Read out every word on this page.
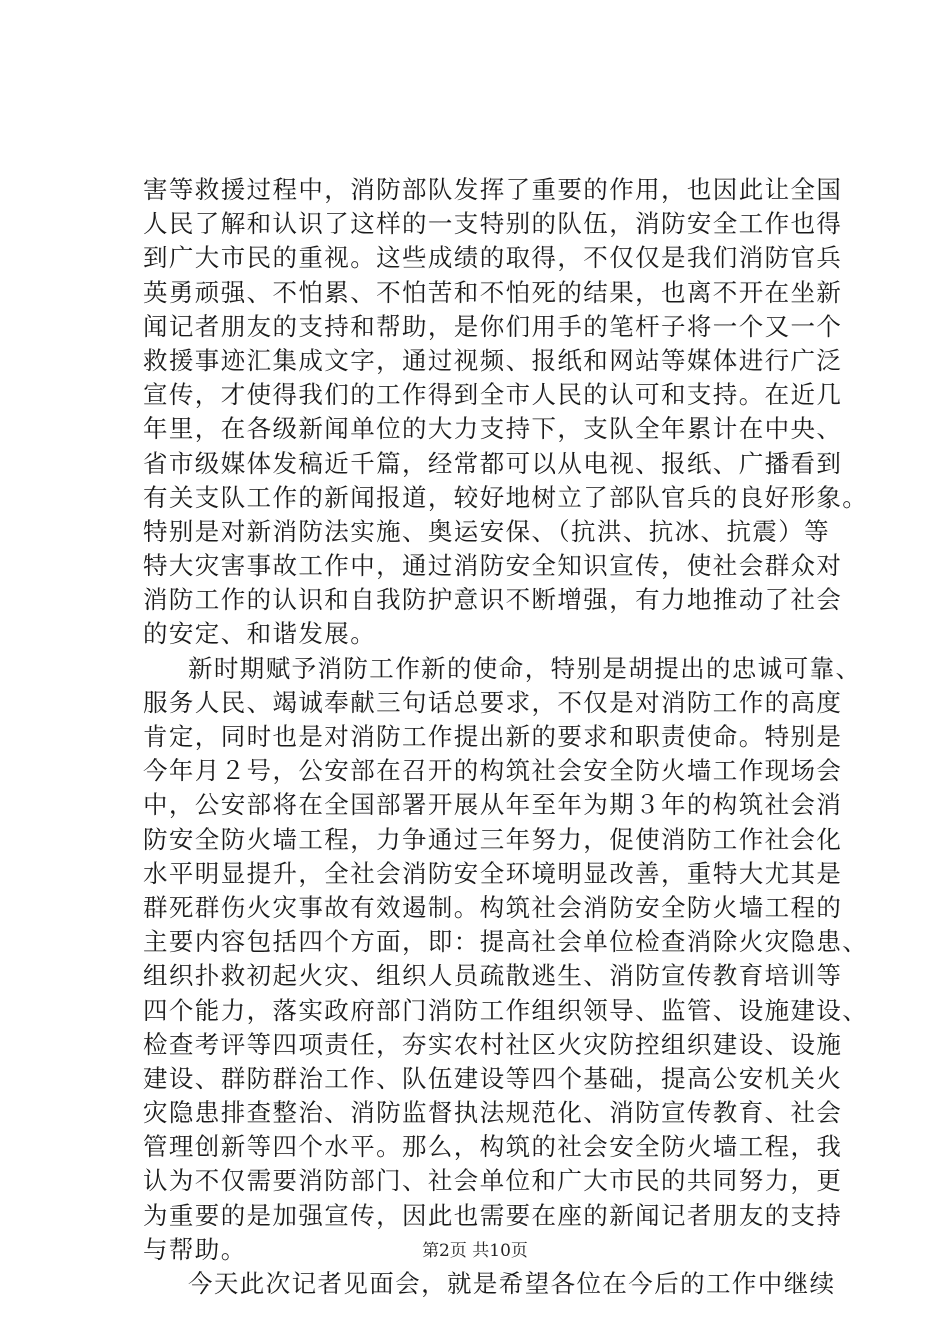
害等救援过程中，消防部队发挥了重要的作用，也因此让全国
人民了解和认识了这样的一支特别的队伍，消防安全工作也得
到广大市民的重视。这些成绩的取得，不仅仅是我们消防官兵
英勇顽强、不怕累、不怕苦和不怕死的结果，也离不开在坐新
闻记者朋友的支持和帮助，是你们用手的笔杆子将一个又一个
救援事迹汇集成文字，通过视频、报纸和网站等媒体进行广泛
宣传，才使得我们的工作得到全市人民的认可和支持。在近几
年里，在各级新闻单位的大力支持下，支队全年累计在中央、
省市级媒体发稿近千篇，经常都可以从电视、报纸、广播看到
有关支队工作的新闻报道，较好地树立了部队官兵的良好形象。
特别是对新消防法实施、奥运安保、（抗洪、抗冰、抗震）等
特大灾害事故工作中，通过消防安全知识宣传，使社会群众对
消防工作的认识和自我防护意识不断增强，有力地推动了社会
的安定、和谐发展。
新时期赋予消防工作新的使命，特别是胡提出的忠诚可靠、
服务人民、竭诚奉献三句话总要求，不仅是对消防工作的高度
肯定，同时也是对消防工作提出新的要求和职责使命。特别是
今年月２号，公安部在召开的构筑社会安全防火墙工作现场会
中，公安部将在全国部署开展从年至年为期３年的构筑社会消
防安全防火墙工程，力争通过三年努力，促使消防工作社会化
水平明显提升，全社会消防安全环境明显改善，重特大尤其是
群死群伤火灾事故有效遏制。构筑社会消防安全防火墙工程的
主要内容包括四个方面，即：提高社会单位检查消除火灾隐患、
组织扑救初起火灾、组织人员疏散逃生、消防宣传教育培训等
四个能力，落实政府部门消防工作组织领导、监管、设施建设、
检查考评等四项责任，夯实农村社区火灾防控组织建设、设施
建设、群防群治工作、队伍建设等四个基础，提高公安机关火
灾隐患排查整治、消防监督执法规范化、消防宣传教育、社会
管理创新等四个水平。那么，构筑的社会安全防火墙工程，我
认为不仅需要消防部门、社会单位和广大市民的共同努力，更
为重要的是加强宣传，因此也需要在座的新闻记者朋友的支持
与帮助。
今天此次记者见面会，就是希望各位在今后的工作中继续
第2页 共10页
